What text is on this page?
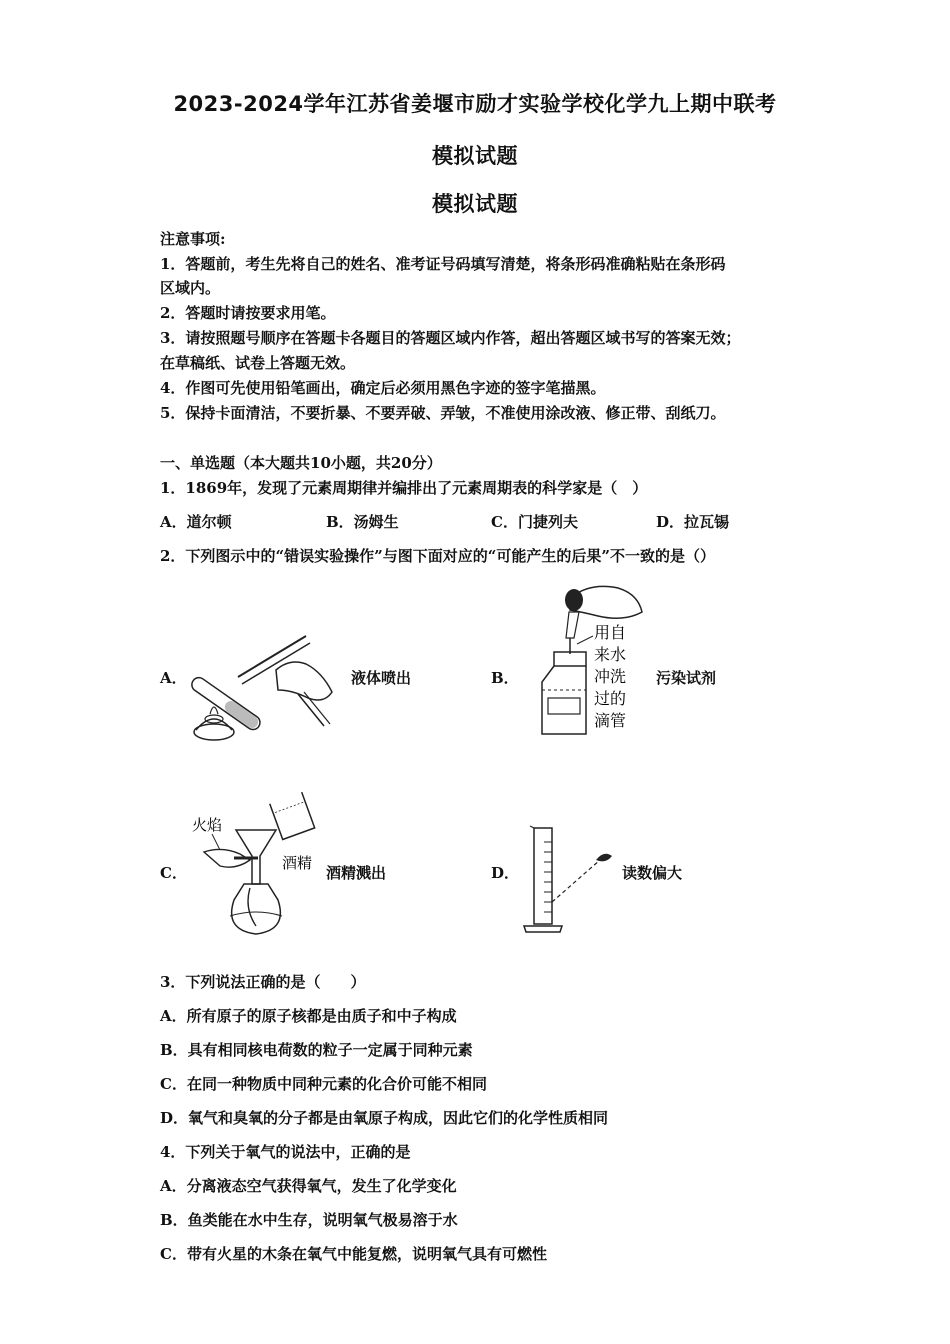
2023-2024学年江苏省姜堰市励才实验学校化学九上期中联考
模拟试题
模拟试题
注意事项:
1．答题前，考生先将自己的姓名、准考证号码填写清楚，将条形码准确粘贴在条形码
区域内。
2．答题时请按要求用笔。
3．请按照题号顺序在答题卡各题目的答题区域内作答，超出答题区域书写的答案无效；
在草稿纸、试卷上答题无效。
4．作图可先使用铅笔画出，确定后必须用黑色字迹的签字笔描黑。
5．保持卡面清洁，不要折暴、不要弄破、弄皱，不准使用涂改液、修正带、刮纸刀。
一、单选题（本大题共10小题，共20分）
1．1869年，发现了元素周期律并编排出了元素周期表的科学家是（　）
A．道尔顿	B．汤姆生	C．门捷列夫	D．拉瓦锡
2．下列图示中的“错误实验操作”与图下面对应的“可能产生的后果”不一致的是（）
A．	液体喷出	B．
用自
来水
冲洗
过的
滴管
污染试剂
C．
火焰
酒精
酒精溅出	D．	读数偏大
3．下列说法正确的是（　　）
A．所有原子的原子核都是由质子和中子构成
B．具有相同核电荷数的粒子一定属于同种元素
C．在同一种物质中同种元素的化合价可能不相同
D．氧气和臭氧的分子都是由氧原子构成，因此它们的化学性质相同
4．下列关于氧气的说法中，正确的是
A．分离液态空气获得氧气，发生了化学变化
B．鱼类能在水中生存，说明氧气极易溶于水
C．带有火星的木条在氧气中能复燃，说明氧气具有可燃性
